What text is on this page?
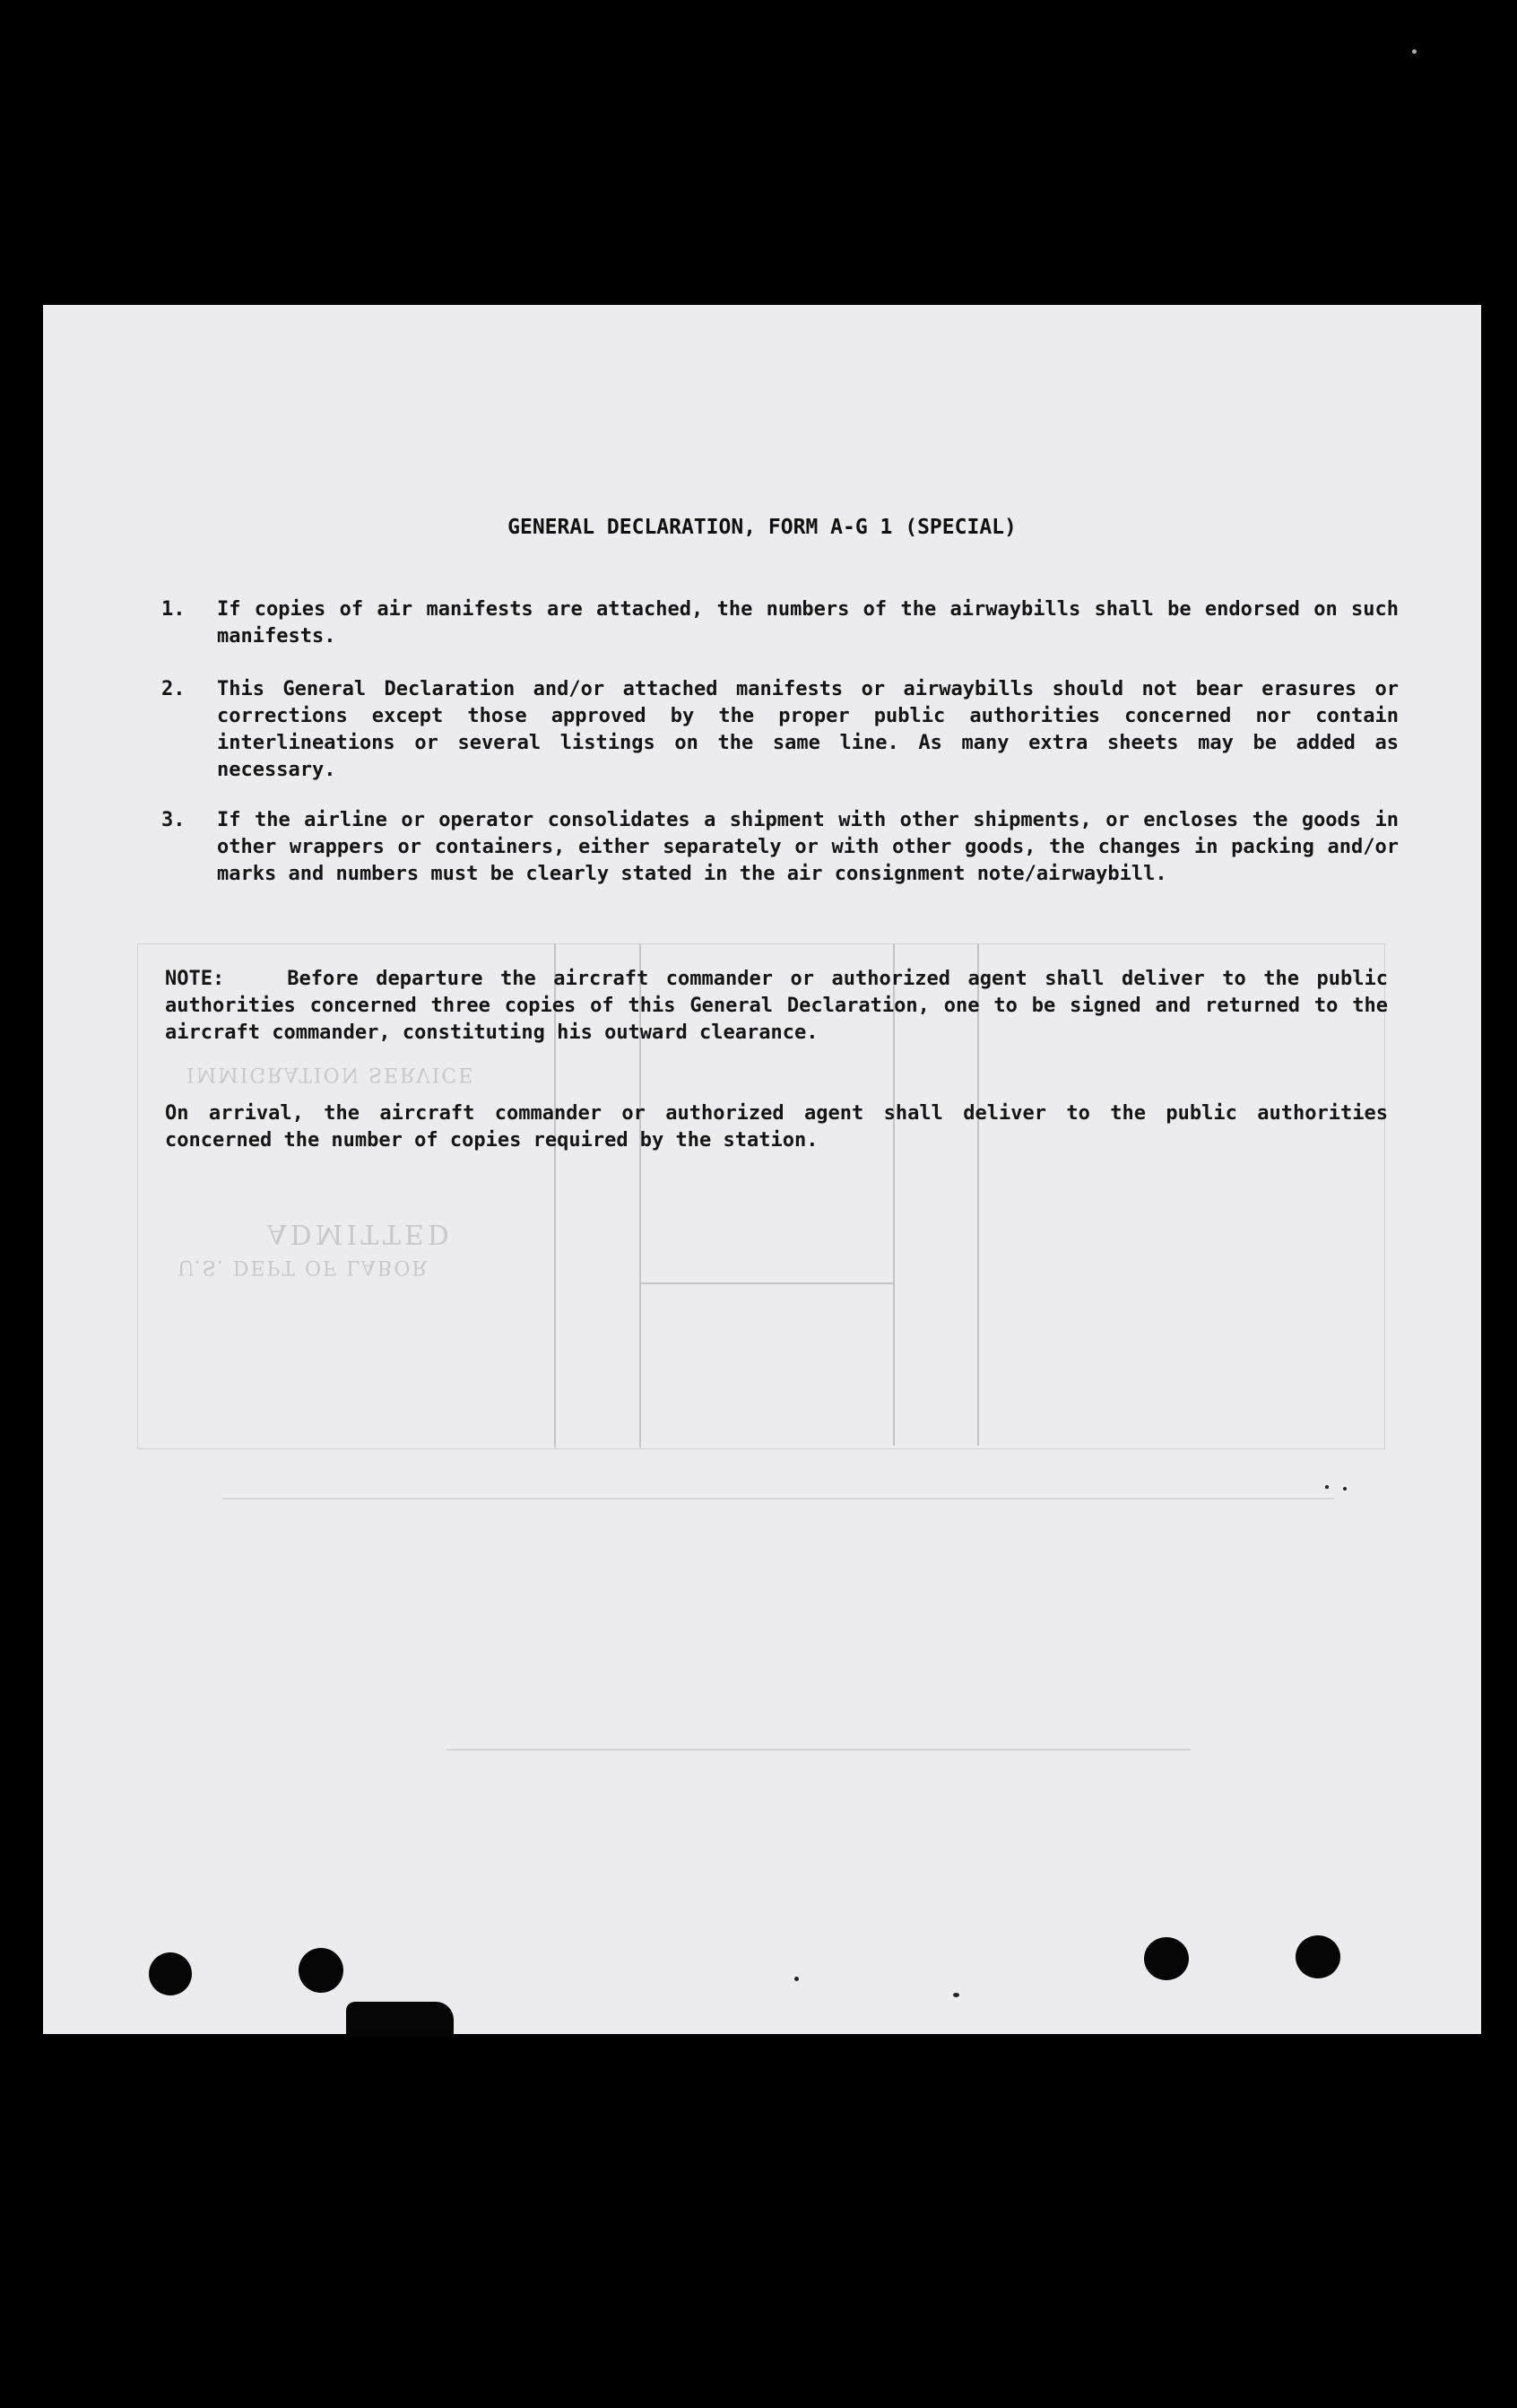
ADMITTED
U.S. DEPT OF LABOR
IMMIGRATION SERVICE
GENERAL DECLARATION, FORM A-G 1 (SPECIAL)
1. If copies of air manifests are attached, the numbers of the airwaybills shall be endorsed on such manifests.
2. This General Declaration and/or attached manifests or airwaybills should not bear erasures or corrections except those approved by the proper public authorities concerned nor contain interlineations or several listings on the same line. As many extra sheets may be added as necessary.
3. If the airline or operator consolidates a shipment with other shipments, or encloses the goods in other wrappers or containers, either separately or with other goods, the changes in packing and/or marks and numbers must be clearly stated in the air consignment note/airwaybill.
NOTE:	Before departure the aircraft commander or authorized agent shall deliver to the public authorities concerned three copies of this General Declaration, one to be signed and returned to the aircraft commander, constituting his outward clearance.
On arrival, the aircraft commander or authorized agent shall deliver to the public authorities concerned the number of copies required by the station.
